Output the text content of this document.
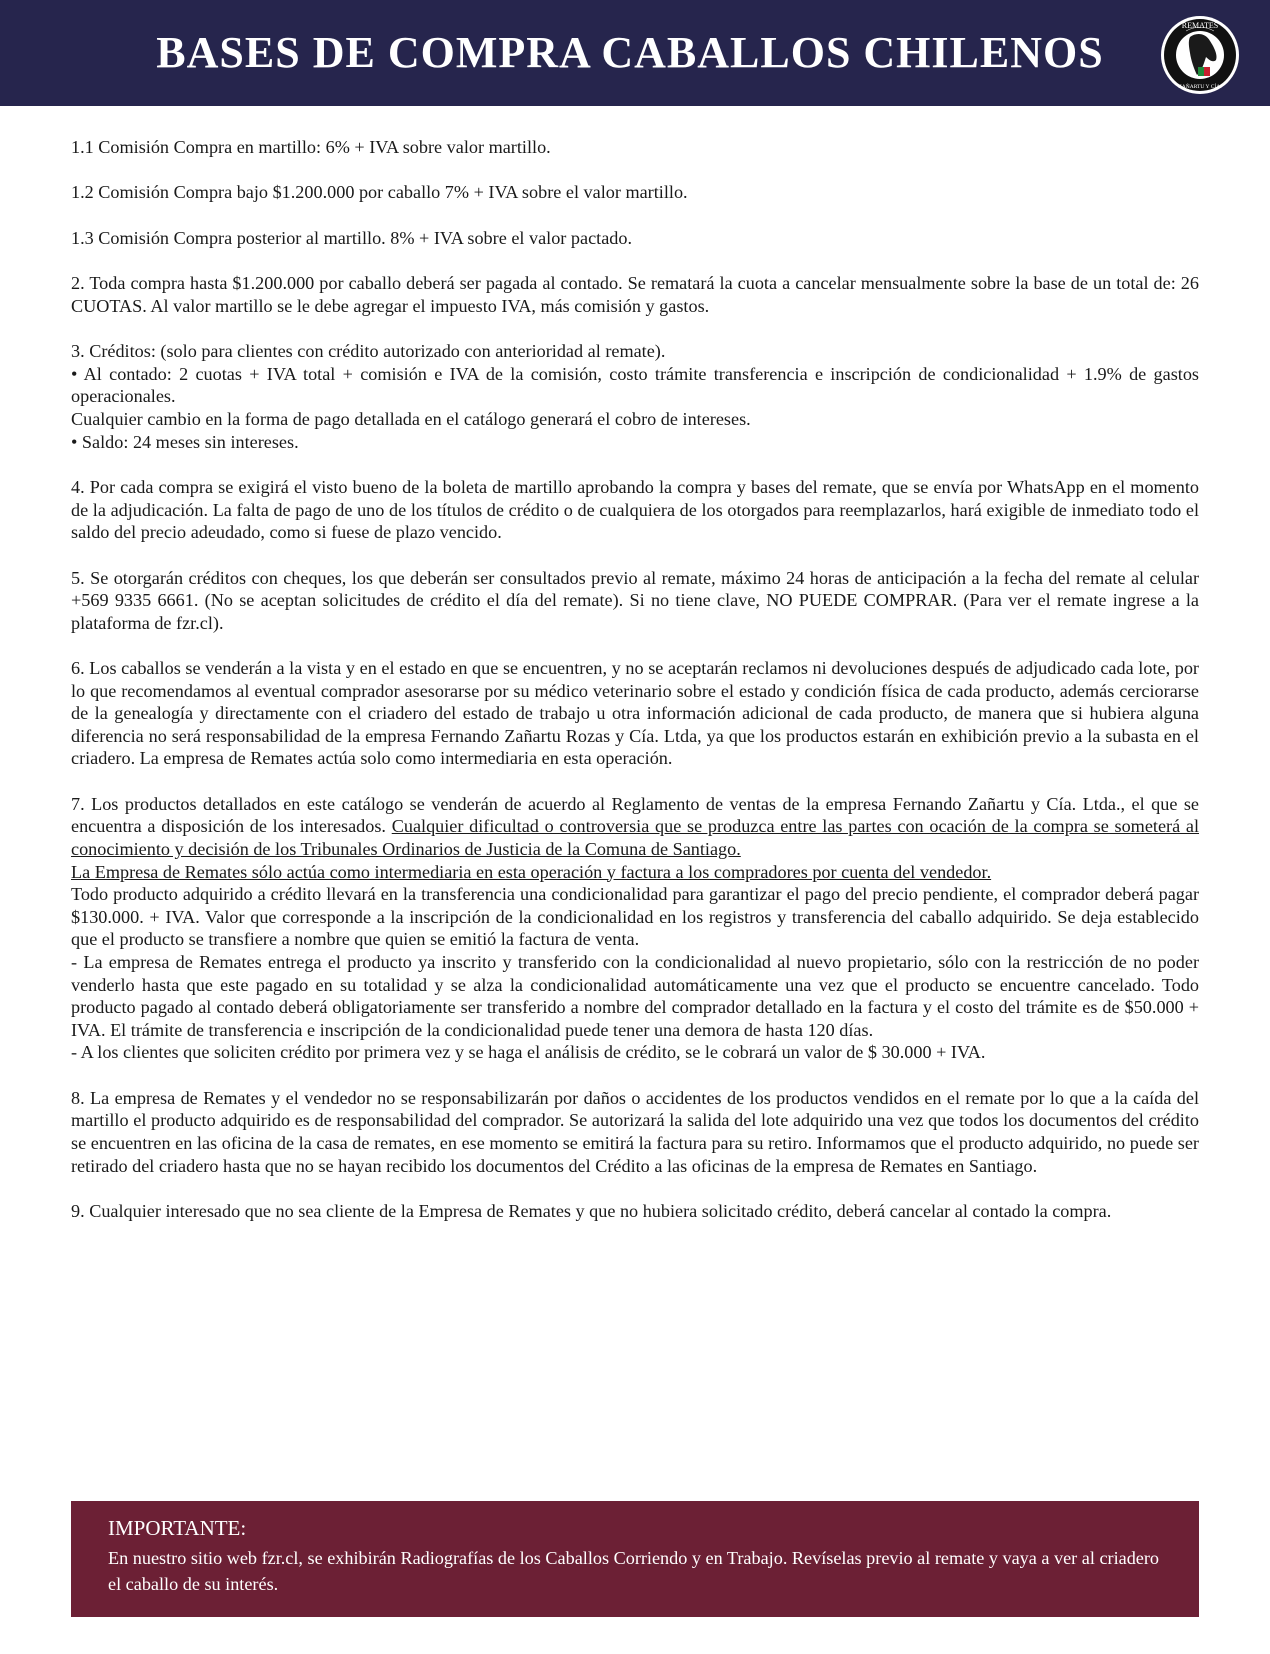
BASES DE COMPRA CABALLOS CHILENOS
REMATES
ZAÑARTU Y CÍA.

1.1 Comisión Compra en martillo: 6% + IVA sobre valor martillo.

1.2 Comisión Compra bajo $1.200.000 por caballo 7% + IVA sobre el valor martillo.

1.3 Comisión Compra posterior al martillo. 8% + IVA sobre el valor pactado.

2. Toda compra hasta $1.200.000 por caballo deberá ser pagada al contado. Se rematará la cuota a cancelar mensualmente sobre la base de un total de: 26 CUOTAS. Al valor martillo se le debe agregar el impuesto IVA, más comisión y gastos.

3. Créditos: (solo para clientes con crédito autorizado con anterioridad al remate).
• Al contado: 2 cuotas + IVA total + comisión e IVA de la comisión, costo trámite transferencia e inscripción de condicionalidad + 1.9% de gastos operacionales.
Cualquier cambio en la forma de pago detallada en el catálogo generará el cobro de intereses.
• Saldo: 24 meses sin intereses.

4. Por cada compra se exigirá el visto bueno de la boleta de martillo aprobando la compra y bases del remate, que se envía por WhatsApp en el momento de la adjudicación. La falta de pago de uno de los títulos de crédito o de cualquiera de los otorgados para reemplazarlos, hará exigible de inmediato todo el saldo del precio adeudado, como si fuese de plazo vencido.

5. Se otorgarán créditos con cheques, los que deberán ser consultados previo al remate, máximo 24 horas de anticipación a la fecha del remate al celular +569 9335 6661. (No se aceptan solicitudes de crédito el día del remate). Si no tiene clave, NO PUEDE COMPRAR. (Para ver el remate ingrese a la plataforma de fzr.cl).

6. Los caballos se venderán a la vista y en el estado en que se encuentren, y no se aceptarán reclamos ni devoluciones después de adjudicado cada lote, por lo que recomendamos al eventual comprador asesorarse por su médico veterinario sobre el estado y condición física de cada producto, además cerciorarse de la genealogía y directamente con el criadero del estado de trabajo u otra información adicional de cada producto, de manera que si hubiera alguna diferencia no será responsabilidad de la empresa Fernando Zañartu Rozas y Cía. Ltda, ya que los productos estarán en exhibición previo a la subasta en el criadero. La empresa de Remates actúa solo como intermediaria en esta operación.

7. Los productos detallados en este catálogo se venderán de acuerdo al Reglamento de ventas de la empresa Fernando Zañartu y Cía. Ltda., el que se encuentra a disposición de los interesados. Cualquier dificultad o controversia que se produzca entre las partes con ocación de la compra se someterá al conocimiento y decisión de los Tribunales Ordinarios de Justicia de la Comuna de Santiago.
La Empresa de Remates sólo actúa como intermediaria en esta operación y factura a los compradores por cuenta del vendedor.
Todo producto adquirido a crédito llevará en la transferencia una condicionalidad para garantizar el pago del precio pendiente, el comprador deberá pagar $130.000. + IVA. Valor que corresponde a la inscripción de la condicionalidad en los registros y transferencia del caballo adquirido. Se deja establecido que el producto se transfiere a nombre que quien se emitió la factura de venta.
- La empresa de Remates entrega el producto ya inscrito y transferido con la condicionalidad al nuevo propietario, sólo con la restricción de no poder venderlo hasta que este pagado en su totalidad y se alza la condicionalidad automáticamente una vez que el producto se encuentre cancelado. Todo producto pagado al contado deberá obligatoriamente ser transferido a nombre del comprador detallado en la factura y el costo del trámite es de $50.000 + IVA. El trámite de transferencia e inscripción de la condicionalidad puede tener una demora de hasta 120 días.
- A los clientes que soliciten crédito por primera vez y se haga el análisis de crédito, se le cobrará un valor de $ 30.000 + IVA.

8. La empresa de Remates y el vendedor no se responsabilizarán por daños o accidentes de los productos vendidos en el remate por lo que a la caída del martillo el producto adquirido es de responsabilidad del comprador. Se autorizará la salida del lote adquirido una vez que todos los documentos del crédito se encuentren en las oficina de la casa de remates, en ese momento se emitirá la factura para su retiro. Informamos que el producto adquirido, no puede ser retirado del criadero hasta que no se hayan recibido los documentos del Crédito a las oficinas de la empresa de Remates en Santiago.

9. Cualquier interesado que no sea cliente de la Empresa de Remates y que no hubiera solicitado crédito, deberá cancelar al contado la compra.

IMPORTANTE:
En nuestro sitio web fzr.cl, se exhibirán Radiografías de los Caballos Corriendo y en Trabajo. Revíselas previo al remate y vaya a ver al criadero el caballo de su interés.
